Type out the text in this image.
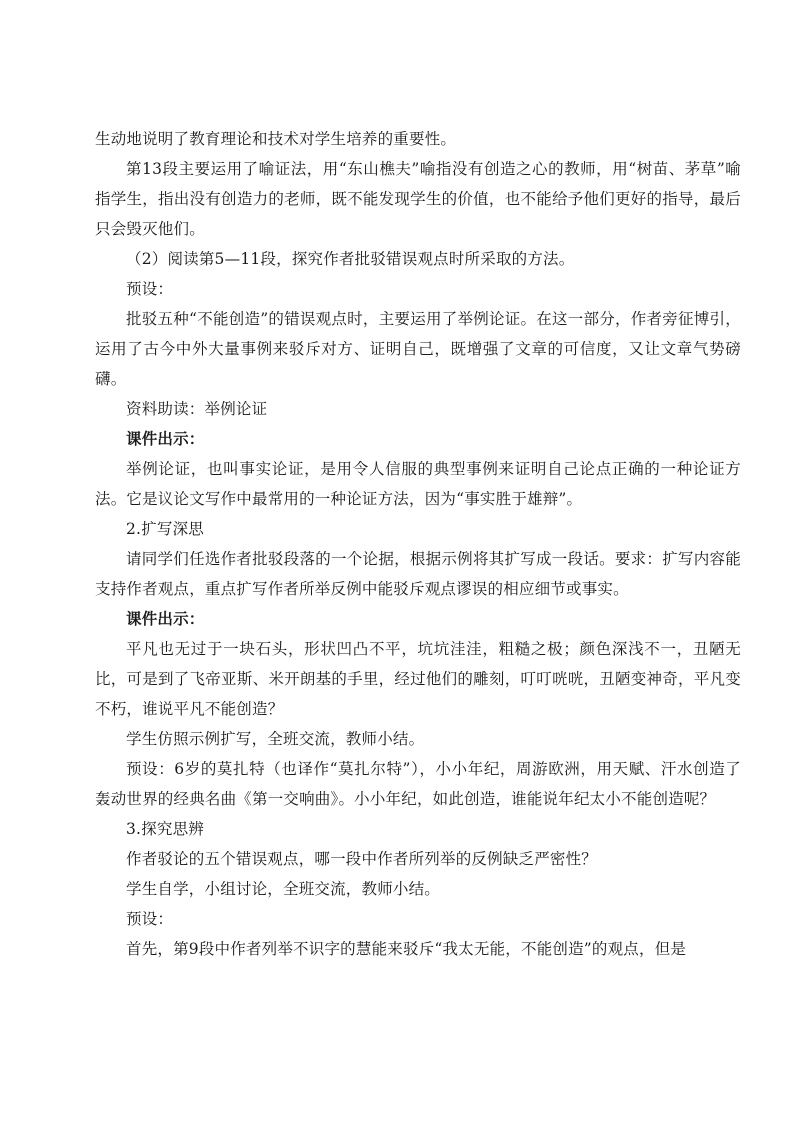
生动地说明了教育理论和技术对学生培养的重要性。

第13段主要运用了喻证法，用“东山樵夫”喻指没有创造之心的教师，用“树苗、茅草”喻指学生，指出没有创造力的老师，既不能发现学生的价值，也不能给予他们更好的指导，最后只会毁灭他们。

（2）阅读第5—11段，探究作者批驳错误观点时所采取的方法。

预设：

批驳五种“不能创造”的错误观点时，主要运用了举例论证。在这一部分，作者旁征博引，运用了古今中外大量事例来驳斥对方、证明自己，既增强了文章的可信度，又让文章气势磅礴。

资料助读：举例论证

课件出示：

举例论证，也叫事实论证，是用令人信服的典型事例来证明自己论点正确的一种论证方法。它是议论文写作中最常用的一种论证方法，因为“事实胜于雄辩”。

2.扩写深思

请同学们任选作者批驳段落的一个论据，根据示例将其扩写成一段话。要求：扩写内容能支持作者观点，重点扩写作者所举反例中能驳斥观点谬误的相应细节或事实。

课件出示：

平凡也无过于一块石头，形状凹凸不平，坑坑洼洼，粗糙之极；颜色深浅不一，丑陋无比，可是到了飞帝亚斯、米开朗基的手里，经过他们的雕刻，叮叮咣咣，丑陋变神奇，平凡变不朽，谁说平凡不能创造？

学生仿照示例扩写，全班交流，教师小结。

预设：6岁的莫扎特（也译作“莫扎尔特”），小小年纪，周游欧洲，用天赋、汗水创造了轰动世界的经典名曲《第一交响曲》。小小年纪，如此创造，谁能说年纪太小不能创造呢？

3.探究思辨

作者驳论的五个错误观点，哪一段中作者所列举的反例缺乏严密性？

学生自学，小组讨论，全班交流，教师小结。

预设：

首先，第9段中作者列举不识字的慧能来驳斥“我太无能，不能创造”的观点，但是
